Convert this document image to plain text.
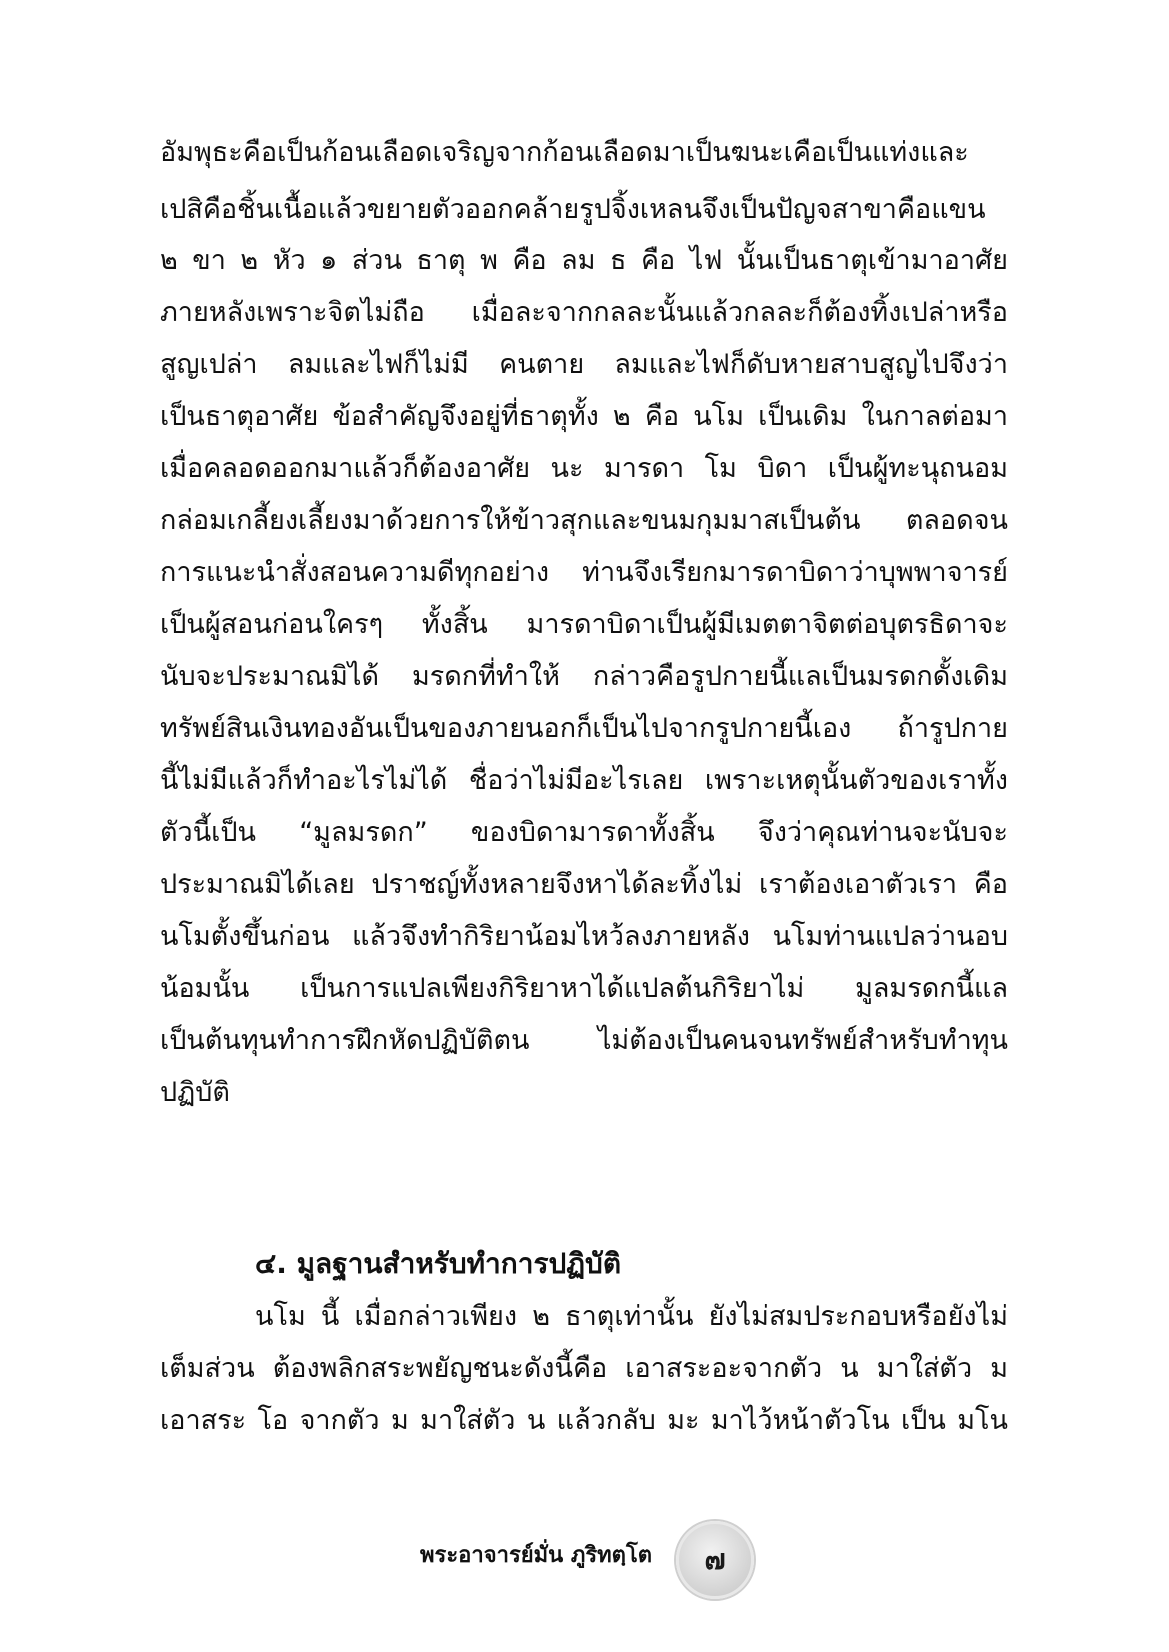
อัมพุธะคือเป็นก้อนเลือดเจริญจากก้อนเลือดมาเป็นฆนะเคือเป็นแท่งและ
เปสิคือชิ้นเนื้อแล้วขยายตัวออกคล้ายรูปจิ้งเหลนจึงเป็นปัญจสาขาคือแขน
๒ ขา ๒ หัว ๑ ส่วน ธาตุ พ คือ ลม ธ คือ ไฟ นั้นเป็นธาตุเข้ามาอาศัย
ภายหลังเพราะจิตไม่ถือ เมื่อละจากกลละนั้นแล้วกลละก็ต้องทิ้งเปล่าหรือ
สูญเปล่า ลมและไฟก็ไม่มี คนตาย ลมและไฟก็ดับหายสาบสูญไปจึงว่า
เป็นธาตุอาศัย ข้อสำคัญจึงอยู่ที่ธาตุทั้ง ๒ คือ นโม เป็นเดิม ในกาลต่อมา
เมื่อคลอดออกมาแล้วก็ต้องอาศัย นะ มารดา โม บิดา เป็นผู้ทะนุถนอม
กล่อมเกลี้ยงเลี้ยงมาด้วยการให้ข้าวสุกและขนมกุมมาสเป็นต้น ตลอดจน
การแนะนำสั่งสอนความดีทุกอย่าง ท่านจึงเรียกมารดาบิดาว่าบุพพาจารย์
เป็นผู้สอนก่อนใครๆ ทั้งสิ้น มารดาบิดาเป็นผู้มีเมตตาจิตต่อบุตรธิดาจะ
นับจะประมาณมิได้ มรดกที่ทำให้ กล่าวคือรูปกายนี้แลเป็นมรดกดั้งเดิม
ทรัพย์สินเงินทองอันเป็นของภายนอกก็เป็นไปจากรูปกายนี้เอง ถ้ารูปกาย
นี้ไม่มีแล้วก็ทำอะไรไม่ได้ ชื่อว่าไม่มีอะไรเลย เพราะเหตุนั้นตัวของเราทั้ง
ตัวนี้เป็น “มูลมรดก” ของบิดามารดาทั้งสิ้น จึงว่าคุณท่านจะนับจะ
ประมาณมิได้เลย ปราชญ์ทั้งหลายจึงหาได้ละทิ้งไม่ เราต้องเอาตัวเรา คือ
นโมตั้งขึ้นก่อน แล้วจึงทำกิริยาน้อมไหว้ลงภายหลัง นโมท่านแปลว่านอบ
น้อมนั้น เป็นการแปลเพียงกิริยาหาได้แปลต้นกิริยาไม่ มูลมรดกนี้แล
เป็นต้นทุนทำการฝึกหัดปฏิบัติตน ไม่ต้องเป็นคนจนทรัพย์สำหรับทำทุน
ปฏิบัติ
๔. มูลฐานสำหรับทำการปฏิบัติ
นโม นี้ เมื่อกล่าวเพียง ๒ ธาตุเท่านั้น ยังไม่สมประกอบหรือยังไม่
เต็มส่วน ต้องพลิกสระพยัญชนะดังนี้คือ เอาสระอะจากตัว น มาใส่ตัว ม
เอาสระ โอ จากตัว ม มาใส่ตัว น แล้วกลับ มะ มาไว้หน้าตัวโน เป็น มโน
พระอาจารย์มั่น ภูริทตฺโต ๗
